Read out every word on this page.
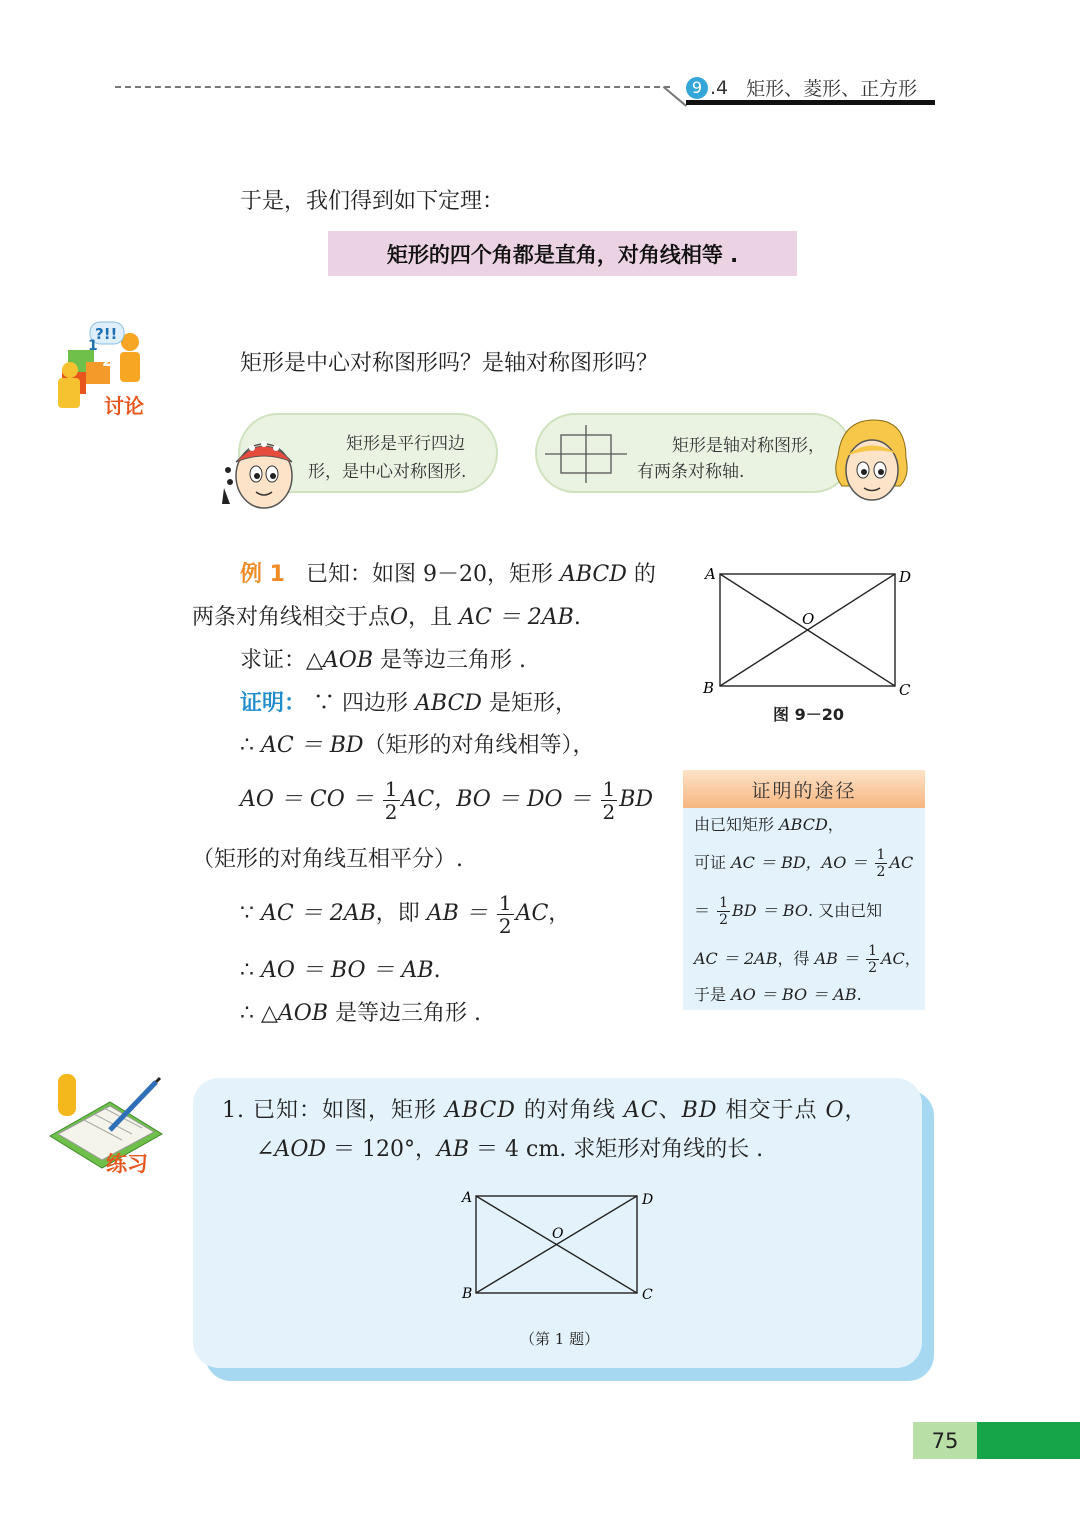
9 .4 矩形、菱形、正方形
于是，我们得到如下定理：
矩形的四个角都是直角，对角线相等 .
?!!
2
1
讨论
矩形是中心对称图形吗？是轴对称图形吗？
矩形是平行四边
形，是中心对称图形.
矩形是轴对称图形，
有两条对称轴.
例 1 已知：如图 9－20，矩形 ABCD 的
两条对角线相交于点O，且 AC ＝ 2AB.
求证：△AOB 是等边三角形 .
证明： ∵ 四边形 ABCD 是矩形，
∴ AC ＝ BD（矩形的对角线相等），
AO ＝ CO ＝ $\frac{1}{2}$ AC，BO ＝ DO ＝ $\frac{1}{2}$ BD
（矩形的对角线互相平分）.
∵ AC ＝ 2AB，即 AB ＝ $\frac{1}{2}$ AC，
∴ AO ＝ BO ＝ AB.
∴ △AOB 是等边三角形 .
A	D
B	C
O
图 9－20
证明的途径
由已知矩形 ABCD，
可证 AC ＝ BD，AO ＝ $\frac{1}{2}$ AC
＝ $\frac{1}{2}$ BD ＝ BO. 又由已知
AC ＝ 2AB，得 AB ＝ $\frac{1}{2}$ AC，
于是 AO ＝ BO ＝ AB.
练习
1. 已知：如图，矩形 ABCD 的对角线 AC、BD 相交于点 O，
∠AOD ＝ 120°，AB ＝ 4 cm. 求矩形对角线的长 .
A	D
B	C
O
（第 1 题）
75
